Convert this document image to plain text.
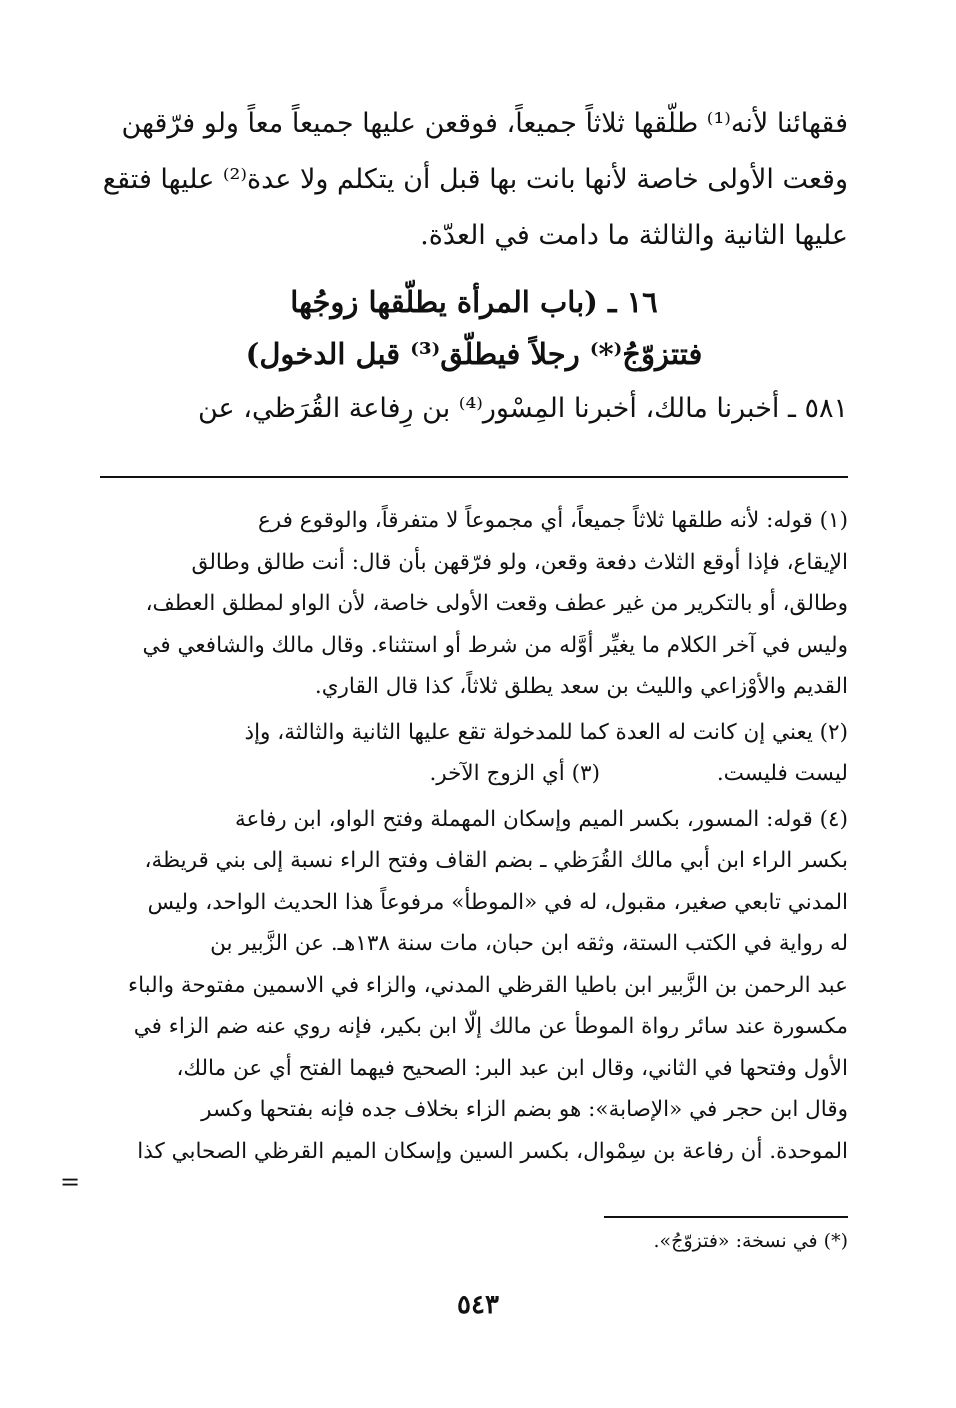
فقهائنا لأنه⁽¹⁾ طلّقها ثلاثاً جميعاً، فوقعن عليها جميعاً معاً ولو فرّقهن

وقعت الأولى خاصة لأنها بانت بها قبل أن يتكلم ولا عدة⁽²⁾ عليها فتقع

عليها الثانية والثالثة ما دامت في العدّة.

١٦ ـ (باب المرأة يطلّقها زوجُها
فتتزوّجُ⁽*⁾ رجلاً فيطلّق⁽³⁾ قبل الدخول)
٥٨١ ـ أخبرنا مالك، أخبرنا المِسْور⁽⁴⁾ بن رِفاعة القُرَظي، عن

(١) قوله: لأنه طلقها ثلاثاً جميعاً، أي مجموعاً لا متفرقاً، والوقوع فرع

الإيقاع، فإذا أوقع الثلاث دفعة وقعن، ولو فرّقهن بأن قال: أنت طالق وطالق

وطالق، أو بالتكرير من غير عطف وقعت الأولى خاصة، لأن الواو لمطلق العطف،

وليس في آخر الكلام ما يغيِّر أوَّله من شرط أو استثناء. وقال مالك والشافعي في

القديم والأوْزاعي والليث بن سعد يطلق ثلاثاً، كذا قال القاري.

(٢) يعني إن كانت له العدة كما للمدخولة تقع عليها الثانية والثالثة، وإذ

ليست فليست. (٣) أي الزوج الآخر.

(٤) قوله: المسور، بكسر الميم وإسكان المهملة وفتح الواو، ابن رفاعة

بكسر الراء ابن أبي مالك القُرَظي ـ بضم القاف وفتح الراء نسبة إلى بني قريظة،

المدني تابعي صغير، مقبول، له في «الموطأ» مرفوعاً هذا الحديث الواحد، وليس

له رواية في الكتب الستة، وثقه ابن حبان، مات سنة ١٣٨هـ. عن الزَّبير بن

عبد الرحمن بن الزَّبير ابن باطيا القرظي المدني، والزاء في الاسمين مفتوحة والباء

مكسورة عند سائر رواة الموطأ عن مالك إلّا ابن بكير، فإنه روي عنه ضم الزاء في

الأول وفتحها في الثاني، وقال ابن عبد البر: الصحيح فيهما الفتح أي عن مالك،

وقال ابن حجر في «الإصابة»: هو بضم الزاء بخلاف جده فإنه بفتحها وكسر

الموحدة. أن رفاعة بن سِمْوال، بكسر السين وإسكان الميم القرظي الصحابي كذا

=
(*) في نسخة: «فتزوّجُ».
٥٤٣
